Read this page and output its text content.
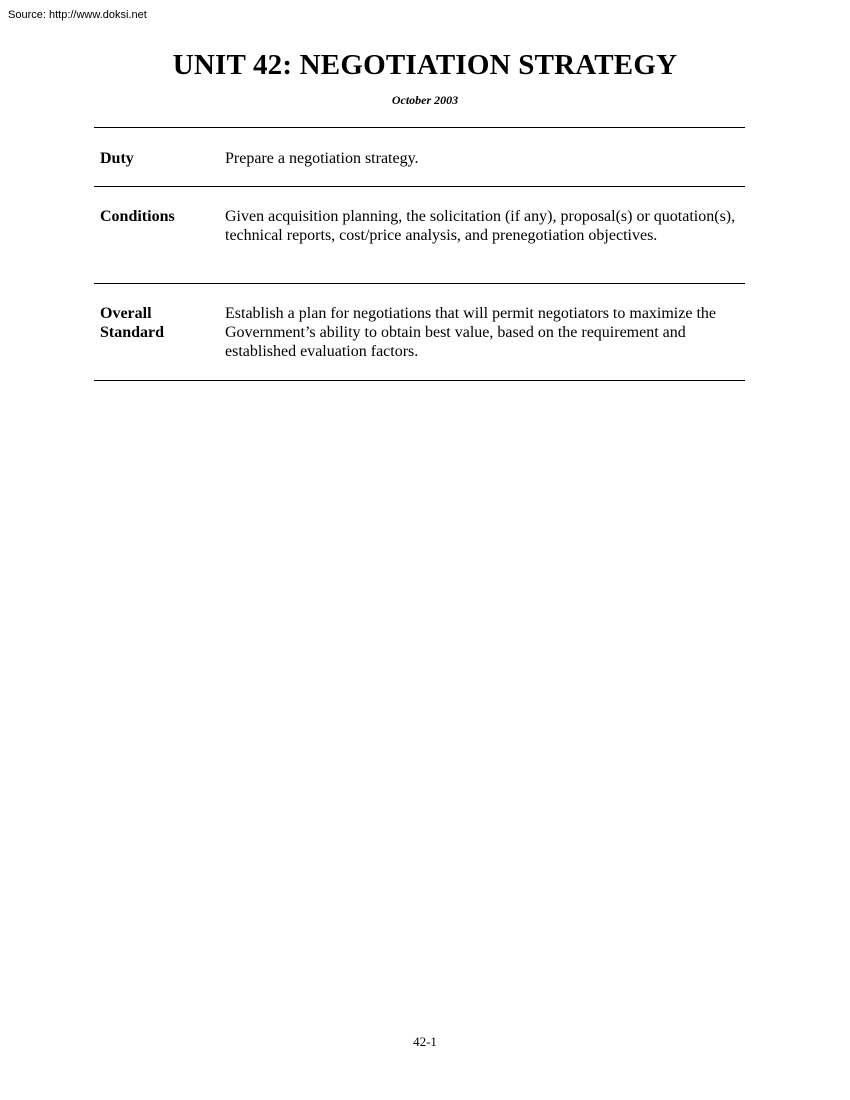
Source: http://www.doksi.net
UNIT 42: NEGOTIATION STRATEGY
October 2003
Duty	Prepare a negotiation strategy.
Conditions	Given acquisition planning, the solicitation (if any), proposal(s) or quotation(s), technical reports, cost/price analysis, and prenegotiation objectives.
Overall Standard
Establish a plan for negotiations that will permit negotiators to maximize the Government’s ability to obtain best value, based on the requirement and established evaluation factors.
42-1
